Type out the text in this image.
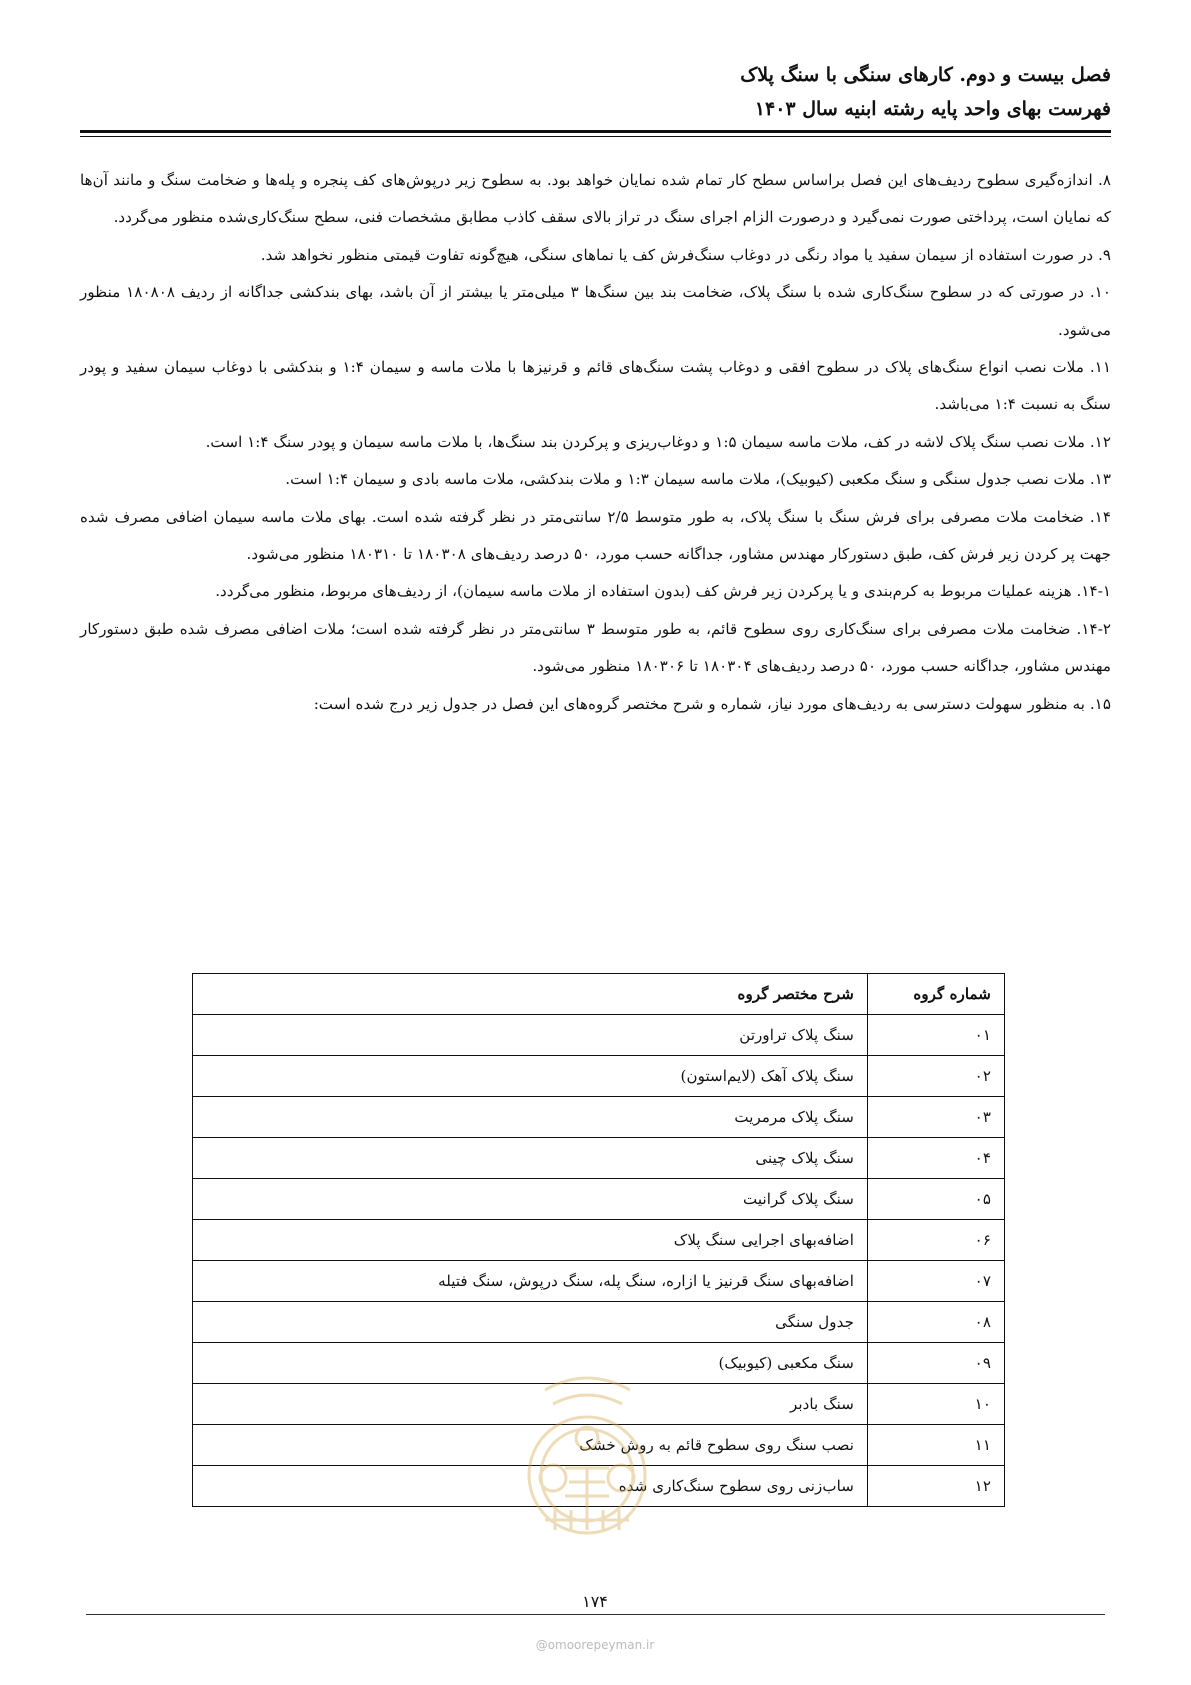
فصل بیست و دوم. کارهای سنگی با سنگ پلاک
فهرست بهای واحد پایه رشته ابنیه سال ۱۴۰۳

۸. اندازه‌گیری سطوح ردیف‌های این فصل براساس سطح کار تمام شده نمایان خواهد بود. به سطوح زیر درپوش‌های کف پنجره و پله‌ها و ضخامت سنگ و مانند آن‌ها که نمایان است، پرداختی صورت نمی‌گیرد و درصورت الزام اجرای سنگ در تراز بالای سقف کاذب مطابق مشخصات فنی، سطح سنگ‌کاری‌شده منظور می‌گردد.

۹. در صورت استفاده از سیمان سفید یا مواد رنگی در دوغاب سنگ‌فرش کف یا نماهای سنگی، هیچ‌گونه تفاوت قیمتی منظور نخواهد شد.

۱۰. در صورتی که در سطوح سنگ‌کاری شده با سنگ پلاک، ضخامت بند بین سنگ‌ها ۳ میلی‌متر یا بیشتر از آن باشد، بهای بندکشی جداگانه از ردیف ۱۸۰۸۰۸ منظور می‌شود.

۱۱. ملات نصب انواع سنگ‌های پلاک در سطوح افقی و دوغاب پشت سنگ‌های قائم و قرنیزها با ملات ماسه و سیمان ۱:۴ و بندکشی با دوغاب سیمان سفید و پودر سنگ به نسبت ۱:۴ می‌باشد.

۱۲. ملات نصب سنگ پلاک لاشه در کف، ملات ماسه سیمان ۱:۵ و دوغاب‌ریزی و پرکردن بند سنگ‌ها، با ملات ماسه سیمان و پودر سنگ ۱:۴ است.

۱۳. ملات نصب جدول سنگی و سنگ مکعبی (کیوبیک)، ملات ماسه سیمان ۱:۳ و ملات بندکشی، ملات ماسه بادی و سیمان ۱:۴ است.

۱۴. ضخامت ملات مصرفی برای فرش سنگ با سنگ پلاک، به طور متوسط ۲/۵ سانتی‌متر در نظر گرفته شده است. بهای ملات ماسه سیمان اضافی مصرف شده جهت پر کردن زیر فرش کف، طبق دستورکار مهندس مشاور، جداگانه حسب مورد، ۵۰ درصد ردیف‌های ۱۸۰۳۰۸ تا ۱۸۰۳۱۰ منظور می‌شود.

۱۴-۱. هزینه عملیات مربوط به کرم‌بندی و یا پرکردن زیر فرش کف (بدون استفاده از ملات ماسه سیمان)، از ردیف‌های مربوط، منظور می‌گردد.

۱۴-۲. ضخامت ملات مصرفی برای سنگ‌کاری روی سطوح قائم، به طور متوسط ۳ سانتی‌متر در نظر گرفته شده است؛ ملات اضافی مصرف شده طبق دستورکار مهندس مشاور، جداگانه حسب مورد، ۵۰ درصد ردیف‌های ۱۸۰۳۰۴ تا ۱۸۰۳۰۶ منظور می‌شود.

۱۵. به منظور سهولت دسترسی به ردیف‌های مورد نیاز، شماره و شرح مختصر گروه‌های این فصل در جدول زیر درج شده است:

شماره گروه	شرح مختصر گروه
۰۱	سنگ پلاک تراورتن
۰۲	سنگ پلاک آهک (لایم‌استون)
۰۳	سنگ پلاک مرمریت
۰۴	سنگ پلاک چینی
۰۵	سنگ پلاک گرانیت
۰۶	اضافه‌بهای اجرایی سنگ پلاک
۰۷	اضافه‌بهای سنگ قرنیز یا ازاره، سنگ پله، سنگ درپوش، سنگ فتیله
۰۸	جدول سنگی
۰۹	سنگ مکعبی (کیوبیک)
۱۰	سنگ بادبر
۱۱	نصب سنگ روی سطوح قائم به روش خشک
۱۲	ساب‌زنی روی سطوح سنگ‌کاری شده
۱۷۴
@omoorepeyman.ir
